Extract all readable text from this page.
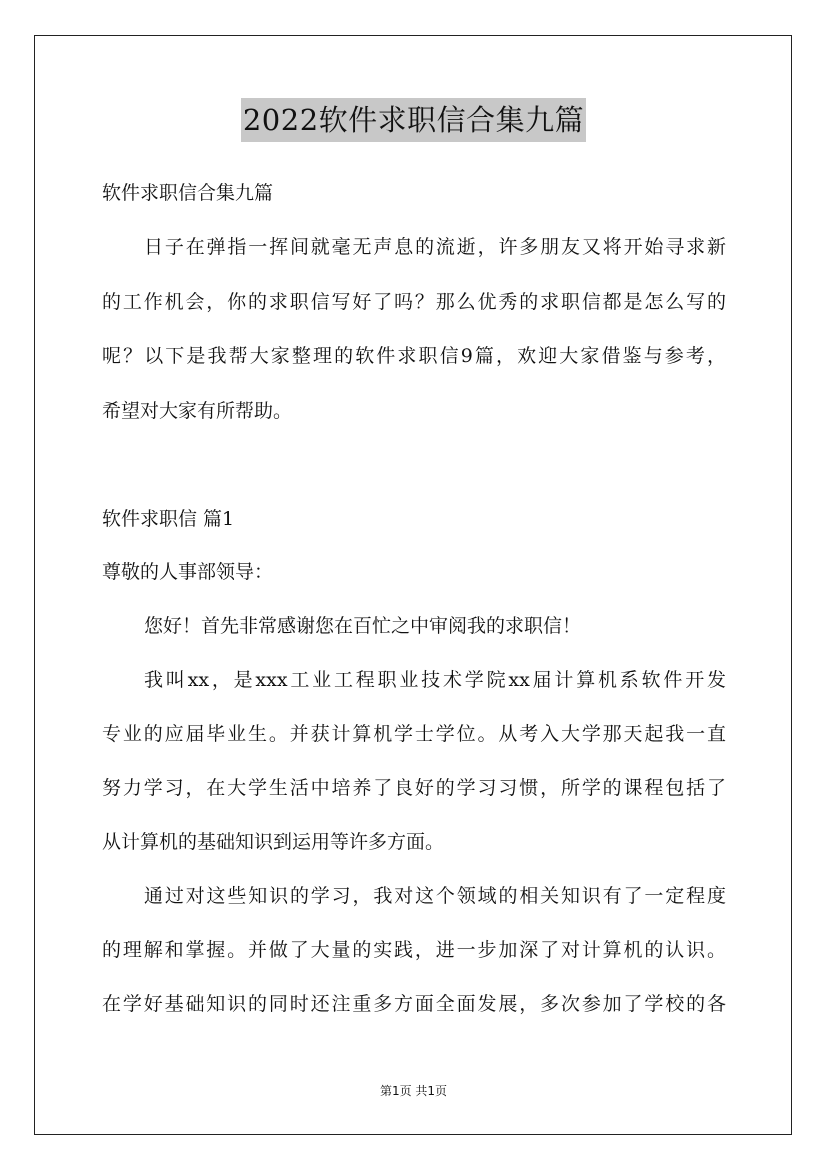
2022软件求职信合集九篇
软件求职信合集九篇
日子在弹指一挥间就毫无声息的流逝，许多朋友又将开始寻求新
的工作机会，你的求职信写好了吗？那么优秀的求职信都是怎么写的
呢？以下是我帮大家整理的软件求职信9篇，欢迎大家借鉴与参考，
希望对大家有所帮助。
软件求职信 篇1
尊敬的人事部领导：
您好！首先非常感谢您在百忙之中审阅我的求职信！
我叫xx，是xxx工业工程职业技术学院xx届计算机系软件开发
专业的应届毕业生。并获计算机学士学位。从考入大学那天起我一直
努力学习，在大学生活中培养了良好的学习习惯，所学的课程包括了
从计算机的基础知识到运用等许多方面。
通过对这些知识的学习，我对这个领域的相关知识有了一定程度
的理解和掌握。并做了大量的实践，进一步加深了对计算机的认识。
在学好基础知识的同时还注重多方面全面发展，多次参加了学校的各
第1页 共1页
